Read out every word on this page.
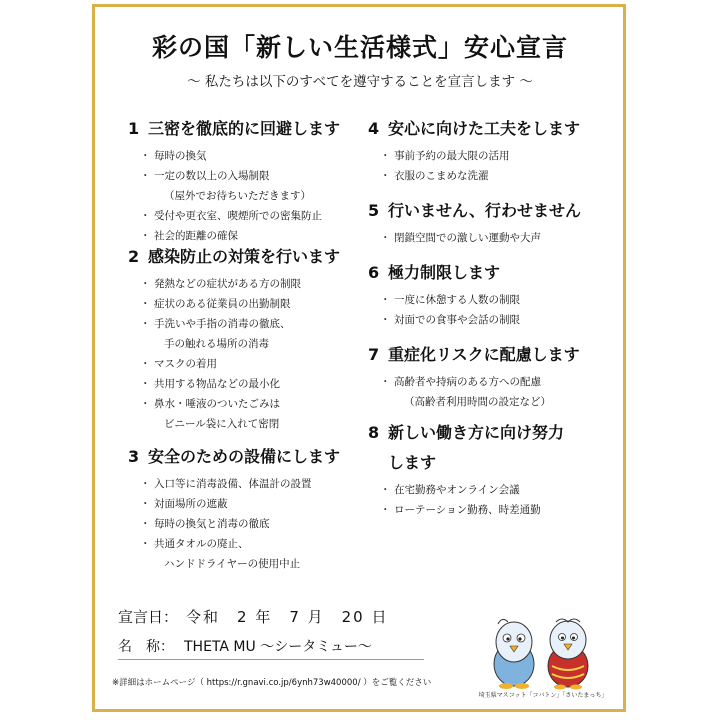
彩の国「新しい生活様式」安心宣言

～ 私たちは以下のすべてを遵守することを宣言します ～

1 三密を徹底的に回避します
・ 毎時の換気
・ 一定の数以上の入場制限
（屋外でお待ちいただきます）
・ 受付や更衣室、喫煙所での密集防止
・ 社会的距離の確保
2 感染防止の対策を行います
・ 発熱などの症状がある方の制限
・ 症状のある従業員の出勤制限
・ 手洗いや手指の消毒の徹底、
手の触れる場所の消毒
・ マスクの着用
・ 共用する物品などの最小化
・ 鼻水・唾液のついたごみは
ビニール袋に入れて密閉
3 安全のための設備にします
・ 入口等に消毒設備、体温計の設置
・ 対面場所の遮蔽
・ 毎時の換気と消毒の徹底
・ 共通タオルの廃止、
ハンドドライヤーの使用中止
4 安心に向けた工夫をします
・ 事前予約の最大限の活用
・ 衣服のこまめな洗濯
5 行いません、行わせません
・ 閉鎖空間での激しい運動や大声
6 極力制限します
・ 一度に休憩する人数の制限
・ 対面での食事や会話の制限
7 重症化リスクに配慮します
・ 高齢者や持病のある方への配慮
（高齢者利用時間の設定など）
8 新しい働き方に向け努力
します
・ 在宅勤務やオンライン会議
・ ローテーション勤務、時差通勤
宣言日： 令和　2 年　7 月　20 日
名　称： THETA MU ～シータミュー～

※詳細はホームページ（ https://r.gnavi.co.jp/6ynh73w40000/ ）をご覧ください

埼玉県マスコット「コバトン」「さいたまっち」
